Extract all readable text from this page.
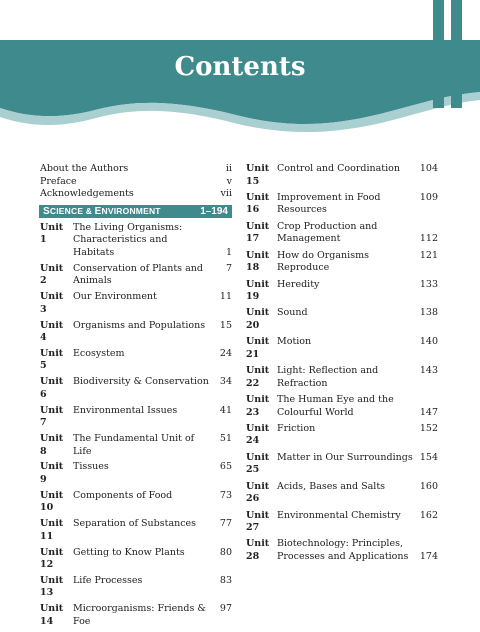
Contents
About the Authors	ii
Preface	v
Acknowledgements	vii
SCIENCE & ENVIRONMENT	1–194
Unit 1
The Living Organisms:
Characteristics and Habitats	1
Unit 2
Conservation of Plants and Animals
7
Unit 3
Our Environment	11
Unit 4
Organisms and Populations	15
Unit 5
Ecosystem	24
Unit 6
Biodiversity & Conservation	34
Unit 7
Environmental Issues	41
Unit 8
The Fundamental Unit of Life
51
Unit 9
Tissues	65
Unit 10
Components of Food	73
Unit 11
Separation of Substances	77
Unit 12
Getting to Know Plants	80
Unit 13
Life Processes	83
Unit 14
Microorganisms: Friends & Foe
97
Unit 15
Control and Coordination	104
Unit 16
Improvement in Food Resources
109
Unit 17
Crop Production and
Management	112
Unit 18
How do Organisms Reproduce
121
Unit 19
Heredity	133
Unit 20
Sound	138
Unit 21
Motion	140
Unit 22
Light: Reflection and Refraction
143
Unit 23
The Human Eye and the
Colourful World	147
Unit 24
Friction	152
Unit 25
Matter in Our Surroundings 154
Unit 26
Acids, Bases and Salts	160
Unit 27
Environmental Chemistry	162
Unit 28
Biotechnology: Principles,
Processes and Applications	174
